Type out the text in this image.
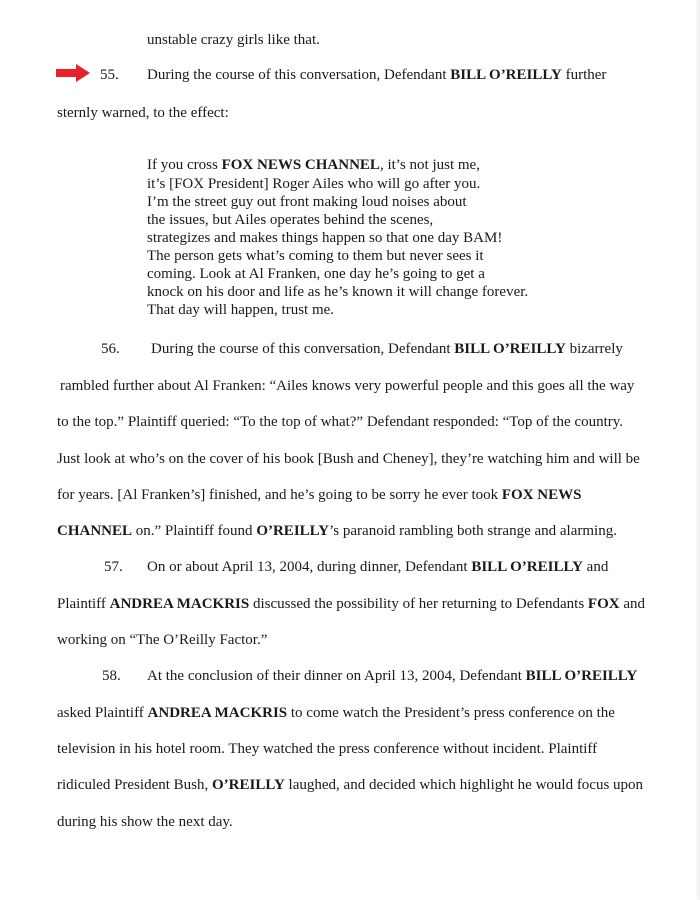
unstable crazy girls like that.
55. During the course of this conversation, Defendant BILL O’REILLY further
sternly warned, to the effect:
If you cross FOX NEWS CHANNEL, it’s not just me,
it’s [FOX President] Roger Ailes who will go after you.
I’m the street guy out front making loud noises about
the issues, but Ailes operates behind the scenes,
strategizes and makes things happen so that one day BAM!
The person gets what’s coming to them but never sees it
coming. Look at Al Franken, one day he’s going to get a
knock on his door and life as he’s known it will change forever.
That day will happen, trust me.
56. During the course of this conversation, Defendant BILL O’REILLY bizarrely
rambled further about Al Franken: “Ailes knows very powerful people and this goes all the way
to the top.” Plaintiff queried: “To the top of what?” Defendant responded: “Top of the country.
Just look at who’s on the cover of his book [Bush and Cheney], they’re watching him and will be
for years. [Al Franken’s] finished, and he’s going to be sorry he ever took FOX NEWS
CHANNEL on.” Plaintiff found O’REILLY’s paranoid rambling both strange and alarming.
57. On or about April 13, 2004, during dinner, Defendant BILL O’REILLY and
Plaintiff ANDREA MACKRIS discussed the possibility of her returning to Defendants FOX and
working on “The O’Reilly Factor.”
58. At the conclusion of their dinner on April 13, 2004, Defendant BILL O’REILLY
asked Plaintiff ANDREA MACKRIS to come watch the President’s press conference on the
television in his hotel room. They watched the press conference without incident. Plaintiff
ridiculed President Bush, O’REILLY laughed, and decided which highlight he would focus upon
during his show the next day.
